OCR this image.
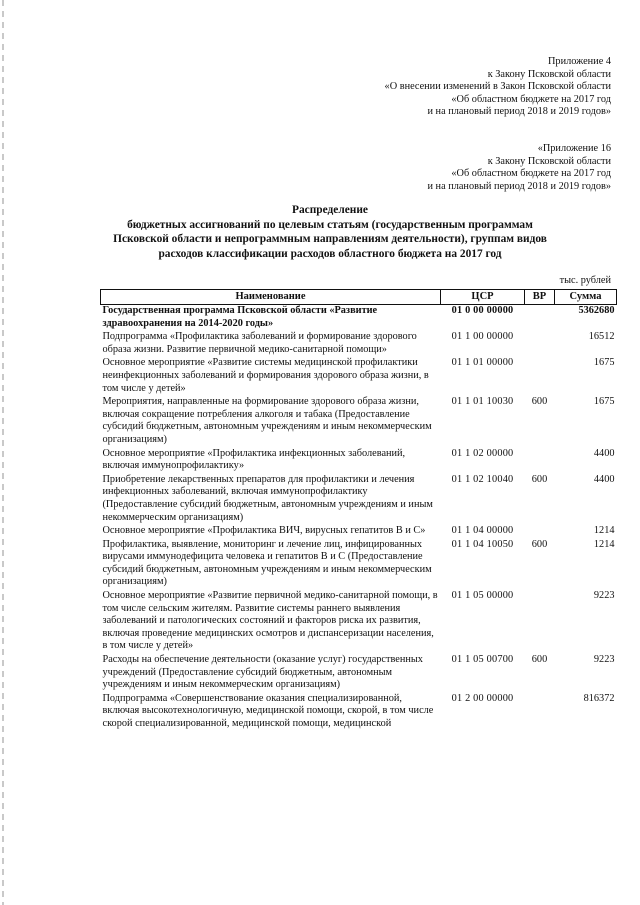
Приложение 4
к Закону Псковской области
«О внесении изменений в Закон Псковской области
«Об областном бюджете на 2017 год
и на плановый период 2018 и 2019 годов»
«Приложение 16
к Закону Псковской области
«Об областном бюджете на 2017 год
и на плановый период 2018 и 2019 годов»
Распределение
бюджетных ассигнований по целевым статьям (государственным программам
Псковской области и непрограммным направлениям деятельности), группам видов
расходов классификации расходов областного бюджета на 2017 год
тыс. рублей
Наименование	ЦСР	ВР	Сумма
Государственная программа Псковской области «Развитие здравоохранения на 2014-2020 годы»	01 0 00 00000		5362680
Подпрограмма «Профилактика заболеваний и формирование здорового образа жизни. Развитие первичной медико-санитарной помощи»	01 1 00 00000		16512
Основное мероприятие «Развитие системы медицинской профилактики неинфекционных заболеваний и формирования здорового образа жизни, в том числе у детей»	01 1 01 00000		1675
Мероприятия, направленные на формирование здорового образа жизни, включая сокращение потребления алкоголя и табака (Предоставление субсидий бюджетным, автономным учреждениям и иным некоммерческим организациям)	01 1 01 10030	600	1675
Основное мероприятие «Профилактика инфекционных заболеваний, включая иммунопрофилактику»	01 1 02 00000		4400
Приобретение лекарственных препаратов для профилактики и лечения инфекционных заболеваний, включая иммунопрофилактику (Предоставление субсидий бюджетным, автономным учреждениям и иным некоммерческим организациям)	01 1 02 10040	600	4400
Основное мероприятие «Профилактика ВИЧ, вирусных гепатитов В и С»	01 1 04 00000		1214
Профилактика, выявление, мониторинг и лечение лиц, инфицированных вирусами иммунодефицита человека и гепатитов В и С (Предоставление субсидий бюджетным, автономным учреждениям и иным некоммерческим организациям)	01 1 04 10050	600	1214
Основное мероприятие «Развитие первичной медико-санитарной помощи, в том числе сельским жителям. Развитие системы раннего выявления заболеваний и патологических состояний и факторов риска их развития, включая проведение медицинских осмотров и диспансеризации населения, в том числе у детей»	01 1 05 00000		9223
Расходы на обеспечение деятельности (оказание услуг) государственных учреждений (Предоставление субсидий бюджетным, автономным учреждениям и иным некоммерческим организациям)	01 1 05 00700	600	9223
Подпрограмма «Совершенствование оказания специализированной, включая высокотехнологичную, медицинской помощи, скорой, в том числе скорой специализированной, медицинской помощи, медицинской	01 2 00 00000		816372
